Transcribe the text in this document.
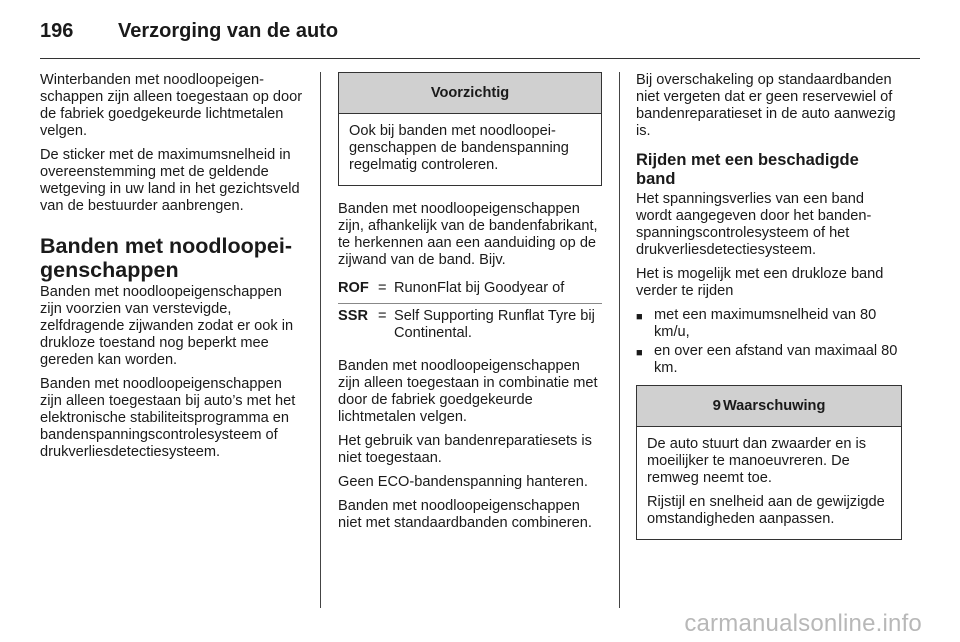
196 Verzorging van de auto

Winterbanden met noodloopeigenschappen zijn alleen toegestaan op door de fabriek goedgekeurde lichtmetalen velgen.

De sticker met de maximumsnelheid in overeenstemming met de geldende wetgeving in uw land in het gezichtsveld van de bestuurder aanbrengen.

Banden met noodloopeigenschappen

Banden met noodloopeigenschappen zijn voorzien van verstevigde, zelfdragende zijwanden zodat er ook in drukloze toestand nog beperkt mee gereden kan worden.

Banden met noodloopeigenschappen zijn alleen toegestaan bij auto’s met het elektronische stabiliteitsprogramma en bandenspanningscontrolesysteem of drukverliesdetectiesysteem.

Voorzichtig

Ook bij banden met noodloopeigenschappen de bandenspanning regelmatig controleren.

Banden met noodloopeigenschappen zijn, afhankelijk van de bandenfabrikant, te herkennen aan een aanduiding op de zijwand van de band. Bijv.

ROF = RunonFlat bij Goodyear of
SSR = Self Supporting Runflat Tyre bij Continental.

Banden met noodloopeigenschappen zijn alleen toegestaan in combinatie met door de fabriek goedgekeurde lichtmetalen velgen.

Het gebruik van bandenreparatiesets is niet toegestaan.

Geen ECO-bandenspanning hanteren.

Banden met noodloopeigenschappen niet met standaardbanden combineren.

Bij overschakeling op standaardbanden niet vergeten dat er geen reservewiel of bandenreparatieset in de auto aanwezig is.

Rijden met een beschadigde band

Het spanningsverlies van een band wordt aangegeven door het bandenspanningscontrolesysteem of het drukverliesdetectiesysteem.

Het is mogelijk met een drukloze band verder te rijden

■ met een maximumsnelheid van 80 km/u,
■ en over een afstand van maximaal 80 km.
9 Waarschuwing

De auto stuurt dan zwaarder en is moeilijker te manoeuvreren. De remweg neemt toe.

Rijstijl en snelheid aan de gewijzigde omstandigheden aanpassen.

carmanualsonline.info
